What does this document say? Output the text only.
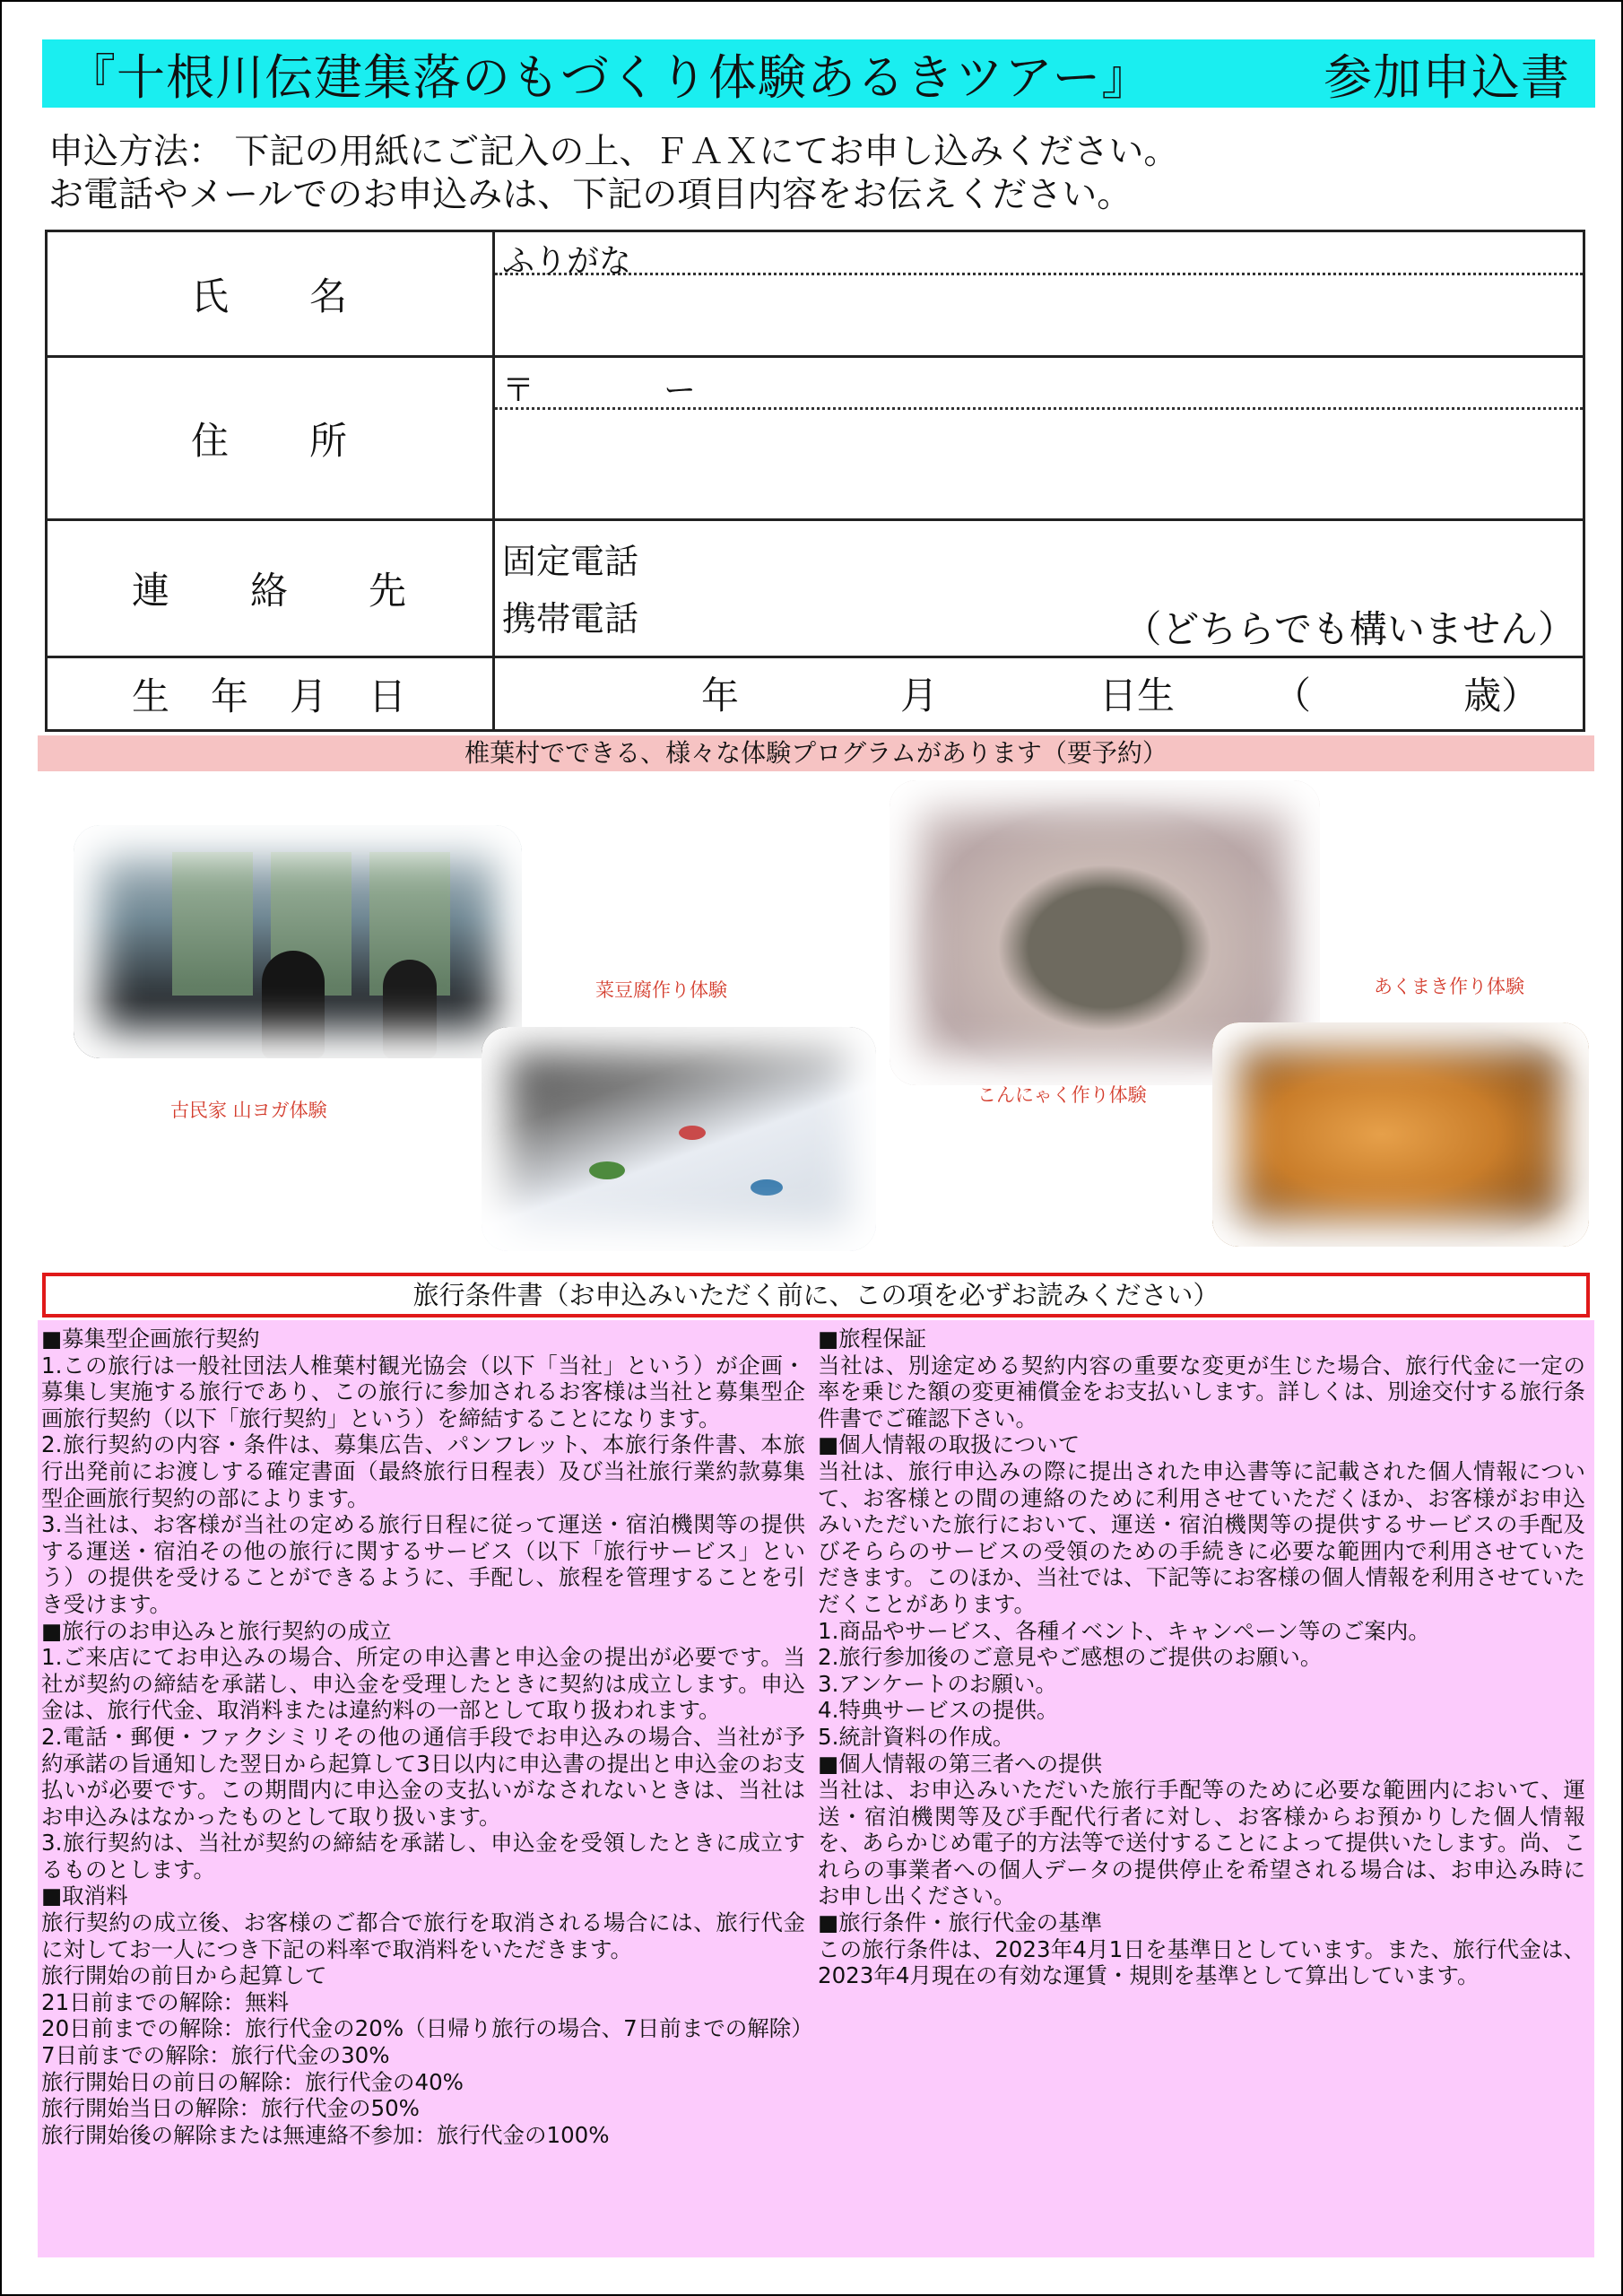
『十根川伝建集落のもづくり体験あるきツアー』	参加申込書
申込方法： 下記の用紙にご記入の上、ＦＡＸにてお申し込みください。
お電話やメールでのお申込みは、下記の項目内容をお伝えください。
氏　　名	ふりがな

住　　所	〒　　　　ー

連　　絡　　先	固定電話
携帯電話 （どちらでも構いません）

生　年　月　日	年 月 日生 （ 歳）
椎葉村でできる、様々な体験プログラムがあります（要予約）
古民家 山ヨガ体験
菜豆腐作り体験
こんにゃく作り体験
あくまき作り体験
旅行条件書（お申込みいただく前に、この項を必ずお読みください）

■募集型企画旅行契約

1.この旅行は一般社団法人椎葉村観光協会（以下「当社」という）が企画・募集し実施する旅行であり、この旅行に参加されるお客様は当社と募集型企画旅行契約（以下「旅行契約」という）を締結することになります。

2.旅行契約の内容・条件は、募集広告、パンフレット、本旅行条件書、本旅行出発前にお渡しする確定書面（最終旅行日程表）及び当社旅行業約款募集型企画旅行契約の部によります。

3.当社は、お客様が当社の定める旅行日程に従って運送・宿泊機関等の提供する運送・宿泊その他の旅行に関するサービス（以下「旅行サービス」という）の提供を受けることができるように、手配し、旅程を管理することを引き受けます。

■旅行のお申込みと旅行契約の成立

1.ご来店にてお申込みの場合、所定の申込書と申込金の提出が必要です。当社が契約の締結を承諾し、申込金を受理したときに契約は成立します。申込金は、旅行代金、取消料または違約料の一部として取り扱われます。

2.電話・郵便・ファクシミリその他の通信手段でお申込みの場合、当社が予約承諾の旨通知した翌日から起算して3日以内に申込書の提出と申込金のお支払いが必要です。この期間内に申込金の支払いがなされないときは、当社はお申込みはなかったものとして取り扱います。

3.旅行契約は、当社が契約の締結を承諾し、申込金を受領したときに成立するものとします。

■取消料

旅行契約の成立後、お客様のご都合で旅行を取消される場合には、旅行代金に対してお一人につき下記の料率で取消料をいただきます。

旅行開始の前日から起算して

21日前までの解除：無料

20日前までの解除：旅行代金の20%（日帰り旅行の場合、7日前までの解除）

7日前までの解除：旅行代金の30%

旅行開始日の前日の解除：旅行代金の40%

旅行開始当日の解除：旅行代金の50%

旅行開始後の解除または無連絡不参加：旅行代金の100%

■旅程保証

当社は、別途定める契約内容の重要な変更が生じた場合、旅行代金に一定の率を乗じた額の変更補償金をお支払いします。詳しくは、別途交付する旅行条件書でご確認下さい。

■個人情報の取扱について

当社は、旅行申込みの際に提出された申込書等に記載された個人情報について、お客様との間の連絡のために利用させていただくほか、お客様がお申込みいただいた旅行において、運送・宿泊機関等の提供するサービスの手配及びそららのサービスの受領のための手続きに必要な範囲内で利用させていただきます。このほか、当社では、下記等にお客様の個人情報を利用させていただくことがあります。

1.商品やサービス、各種イベント、キャンペーン等のご案内。

2.旅行参加後のご意見やご感想のご提供のお願い。

3.アンケートのお願い。

4.特典サービスの提供。

5.統計資料の作成。

■個人情報の第三者への提供

当社は、お申込みいただいた旅行手配等のために必要な範囲内において、運送・宿泊機関等及び手配代行者に対し、お客様からお預かりした個人情報を、あらかじめ電子的方法等で送付することによって提供いたします。尚、これらの事業者への個人データの提供停止を希望される場合は、お申込み時にお申し出ください。

■旅行条件・旅行代金の基準

この旅行条件は、2023年4月1日を基準日としています。また、旅行代金は、2023年4月現在の有効な運賃・規則を基準として算出しています。
